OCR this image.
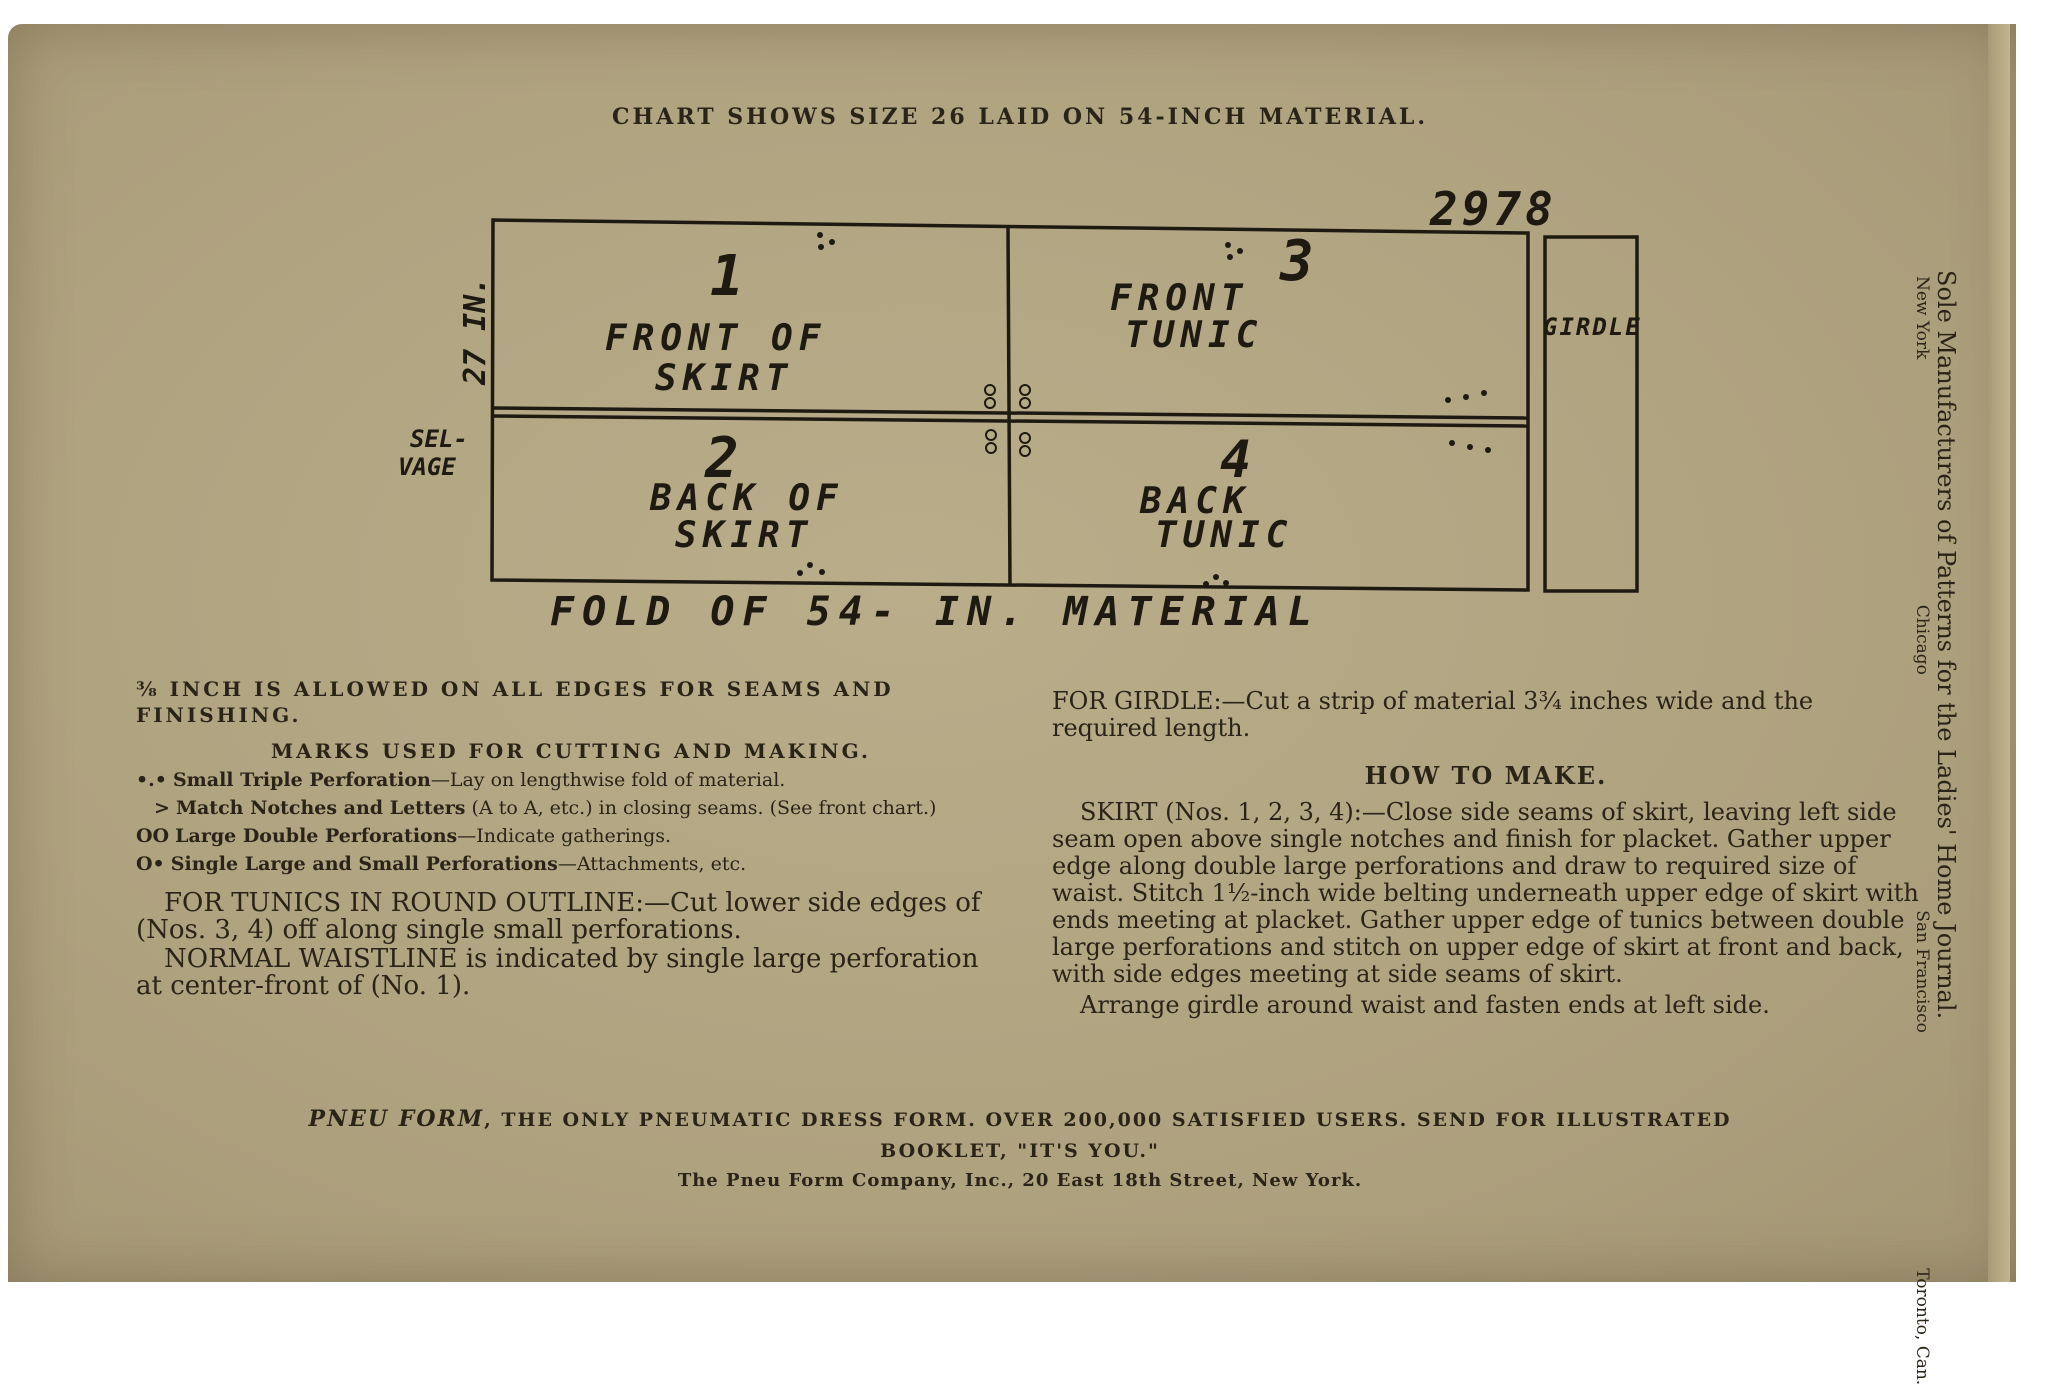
CHART SHOWS SIZE 26 LAID ON 54-INCH MATERIAL.
1
FRONT OF
SKIRT
2
BACK OF
SKIRT
3
FRONT
TUNIC
4
BACK
TUNIC
GIRDLE
2978
27 IN.
SEL-
VAGE
FOLD OF 54- IN. MATERIAL
⅜ INCH IS ALLOWED ON ALL EDGES FOR SEAMS AND FINISHING.
MARKS USED FOR CUTTING AND MAKING.
•.• Small Triple Perforation—Lay on lengthwise fold of material.
> Match Notches and Letters (A to A, etc.) in closing seams. (See front chart.)
OO Large Double Perforations—Indicate gatherings.
O• Single Large and Small Perforations—Attachments, etc.
FOR TUNICS IN ROUND OUTLINE:—Cut lower side edges of (Nos. 3, 4) off along single small perforations.
NORMAL WAISTLINE is indicated by single large perforation at center-front of (No. 1).
FOR GIRDLE:—Cut a strip of material 3¾ inches wide and the required length.
HOW TO MAKE.
SKIRT (Nos. 1, 2, 3, 4):—Close side seams of skirt, leaving left side seam open above single notches and finish for placket. Gather upper edge along double large perforations and draw to required size of waist. Stitch 1½-inch wide belting underneath upper edge of skirt with ends meeting at placket. Gather upper edge of tunics between double large perforations and stitch on upper edge of skirt at front and back, with side edges meeting at side seams of skirt.
Arrange girdle around waist and fasten ends at left side.
PNEU FORM, THE ONLY PNEUMATIC DRESS FORM. OVER 200,000 SATISFIED USERS. SEND FOR ILLUSTRATED BOOKLET, "IT'S YOU."
The Pneu Form Company, Inc., 20 East 18th Street, New York.
Sole Manufacturers of Patterns for the Ladies' Home Journal.
New York Chicago San Francisco Toronto, Can.
